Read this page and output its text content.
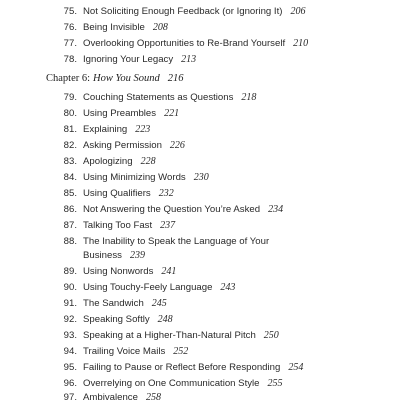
75. Not Soliciting Enough Feedback (or Ignoring It) 206
76. Being Invisible 208
77. Overlooking Opportunities to Re-Brand Yourself 210
78. Ignoring Your Legacy 213
Chapter 6: How You Sound 216
79. Couching Statements as Questions 218
80. Using Preambles 221
81. Explaining 223
82. Asking Permission 226
83. Apologizing 228
84. Using Minimizing Words 230
85. Using Qualifiers 232
86. Not Answering the Question You’re Asked 234
87. Talking Too Fast 237
88. The Inability to Speak the Language of Your
Business 239
89. Using Nonwords 241
90. Using Touchy-Feely Language 243
91. The Sandwich 245
92. Speaking Softly 248
93. Speaking at a Higher-Than-Natural Pitch 250
94. Trailing Voice Mails 252
95. Failing to Pause or Reflect Before Responding 254
96. Overrelying on One Communication Style 255
97. Ambivalence 258
